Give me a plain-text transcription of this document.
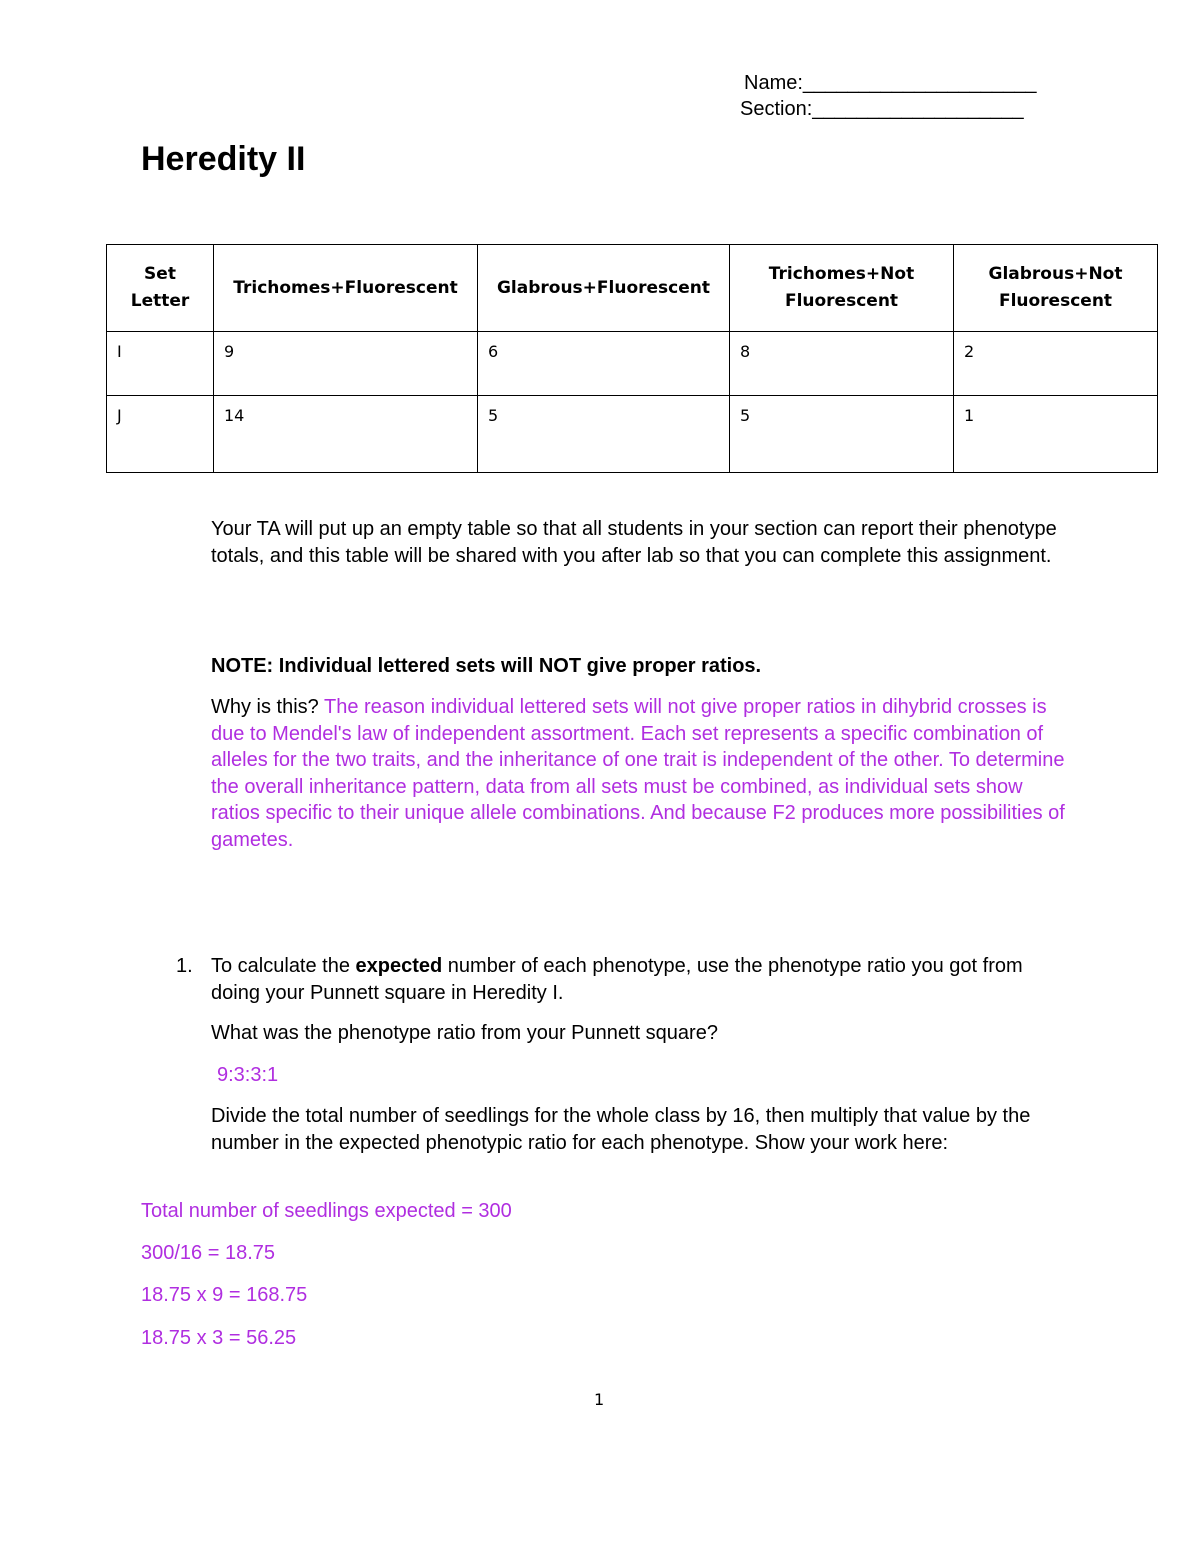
Name:_____________________
Section:___________________
Heredity II
Set Letter	Trichomes+Fluorescent	Glabrous+Fluorescent	Trichomes+Not Fluorescent	Glabrous+Not Fluorescent
I	9	6	8	2
J	14	5	5	1

Your TA will put up an empty table so that all students in your section can report their phenotype totals, and this table will be shared with you after lab so that you can complete this assignment.

NOTE: Individual lettered sets will NOT give proper ratios.

Why is this? The reason individual lettered sets will not give proper ratios in dihybrid crosses is due to Mendel's law of independent assortment. Each set represents a specific combination of alleles for the two traits, and the inheritance of one trait is independent of the other. To determine the overall inheritance pattern, data from all sets must be combined, as individual sets show ratios specific to their unique allele combinations. And because F2 produces more possibilities of gametes.

1. To calculate the expected number of each phenotype, use the phenotype ratio you got from doing your Punnett square in Heredity I.

What was the phenotype ratio from your Punnett square?

9:3:3:1

Divide the total number of seedlings for the whole class by 16, then multiply that value by the number in the expected phenotypic ratio for each phenotype. Show your work here:

Total number of seedlings expected = 300

300/16 = 18.75

18.75 x 9 = 168.75

18.75 x 3 = 56.25

1
